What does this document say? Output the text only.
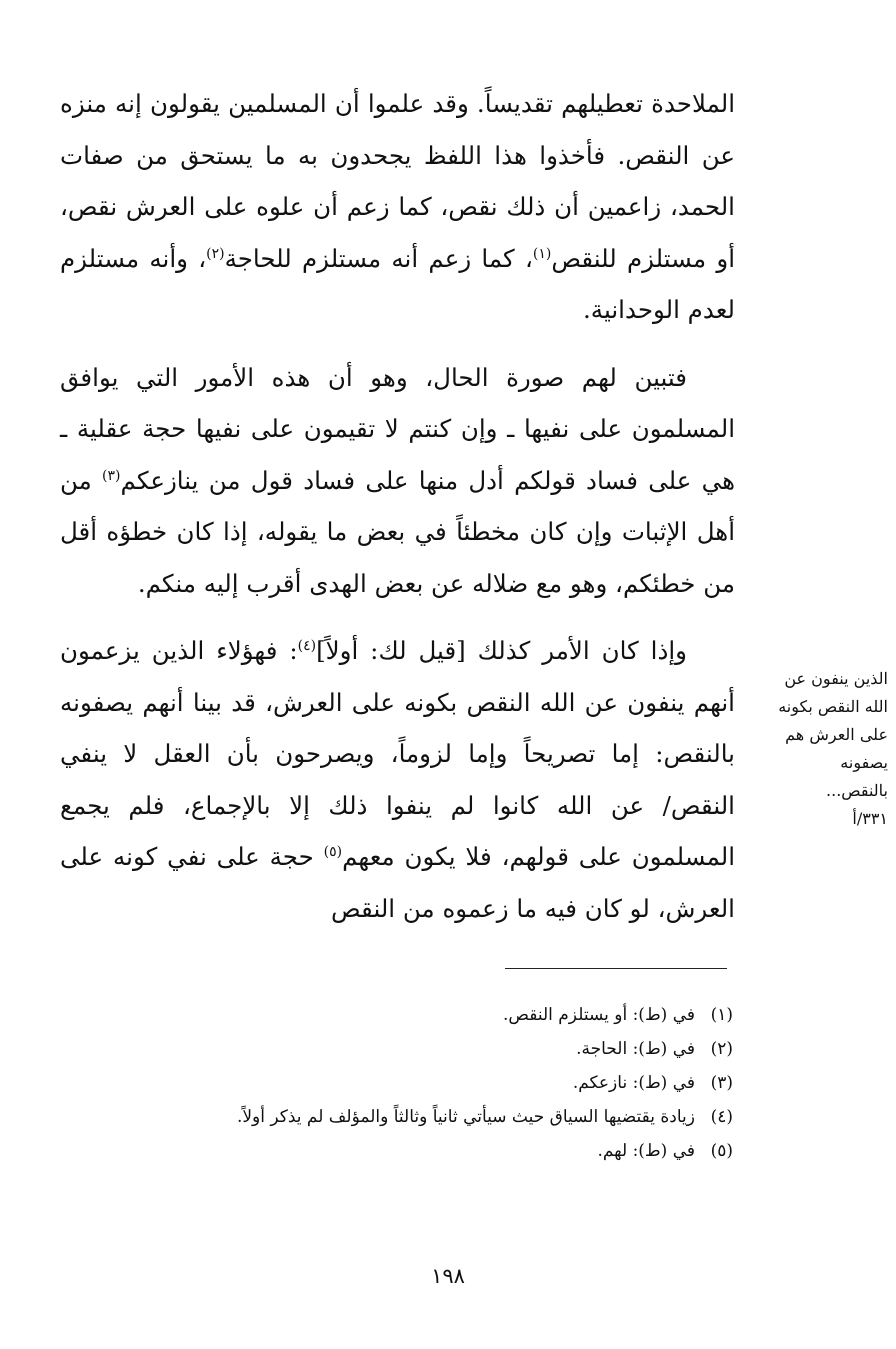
الملاحدة تعطيلهم تقديساً. وقد علموا أن المسلمين يقولون إنه منزه عن النقص. فأخذوا هذا اللفظ يجحدون به ما يستحق من صفات الحمد، زاعمين أن ذلك نقص، كما زعم أن علوه على العرش نقص، أو مستلزم للنقص$^{(١)}$، كما زعم أنه مستلزم للحاجة$^{(٢)}$، وأنه مستلزم لعدم الوحدانية.

فتبين لهم صورة الحال، وهو أن هذه الأمور التي يوافق المسلمون على نفيها ـ وإن كنتم لا تقيمون على نفيها حجة عقلية ـ هي على فساد قولكم أدل منها على فساد قول من ينازعكم$^{(٣)}$ من أهل الإثبات وإن كان مخطئاً في بعض ما يقوله، إذا كان خطؤه أقل من خطئكم، وهو مع ضلاله عن بعض الهدى أقرب إليه منكم.

وإذا كان الأمر كذلك [قيل لك: أولاً]$^{(٤)}$: فهؤلاء الذين يزعمون أنهم ينفون عن الله النقص بكونه على العرش، قد بينا أنهم يصفونه بالنقص: إما تصريحاً وإما لزوماً، ويصرحون بأن العقل لا ينفي النقص/ عن الله كانوا لم ينفوا ذلك إلا بالإجماع، فلم يجمع المسلمون على قولهم، فلا يكون معهم$^{(٥)}$ حجة على نفي كونه على العرش، لو كان فيه ما زعموه من النقص

الذين ينفون عن الله النقص بكونه على العرش هم يصفونه بالنقص...
٣٣١/أ
(١)في (ط): أو يستلزم النقص.
(٢)في (ط): الحاجة.
(٣)في (ط): نازعكم.
(٤)زيادة يقتضيها السياق حيث سيأتي ثانياً وثالثاً والمؤلف لم يذكر أولاً.
(٥)في (ط): لهم.
١٩٨
